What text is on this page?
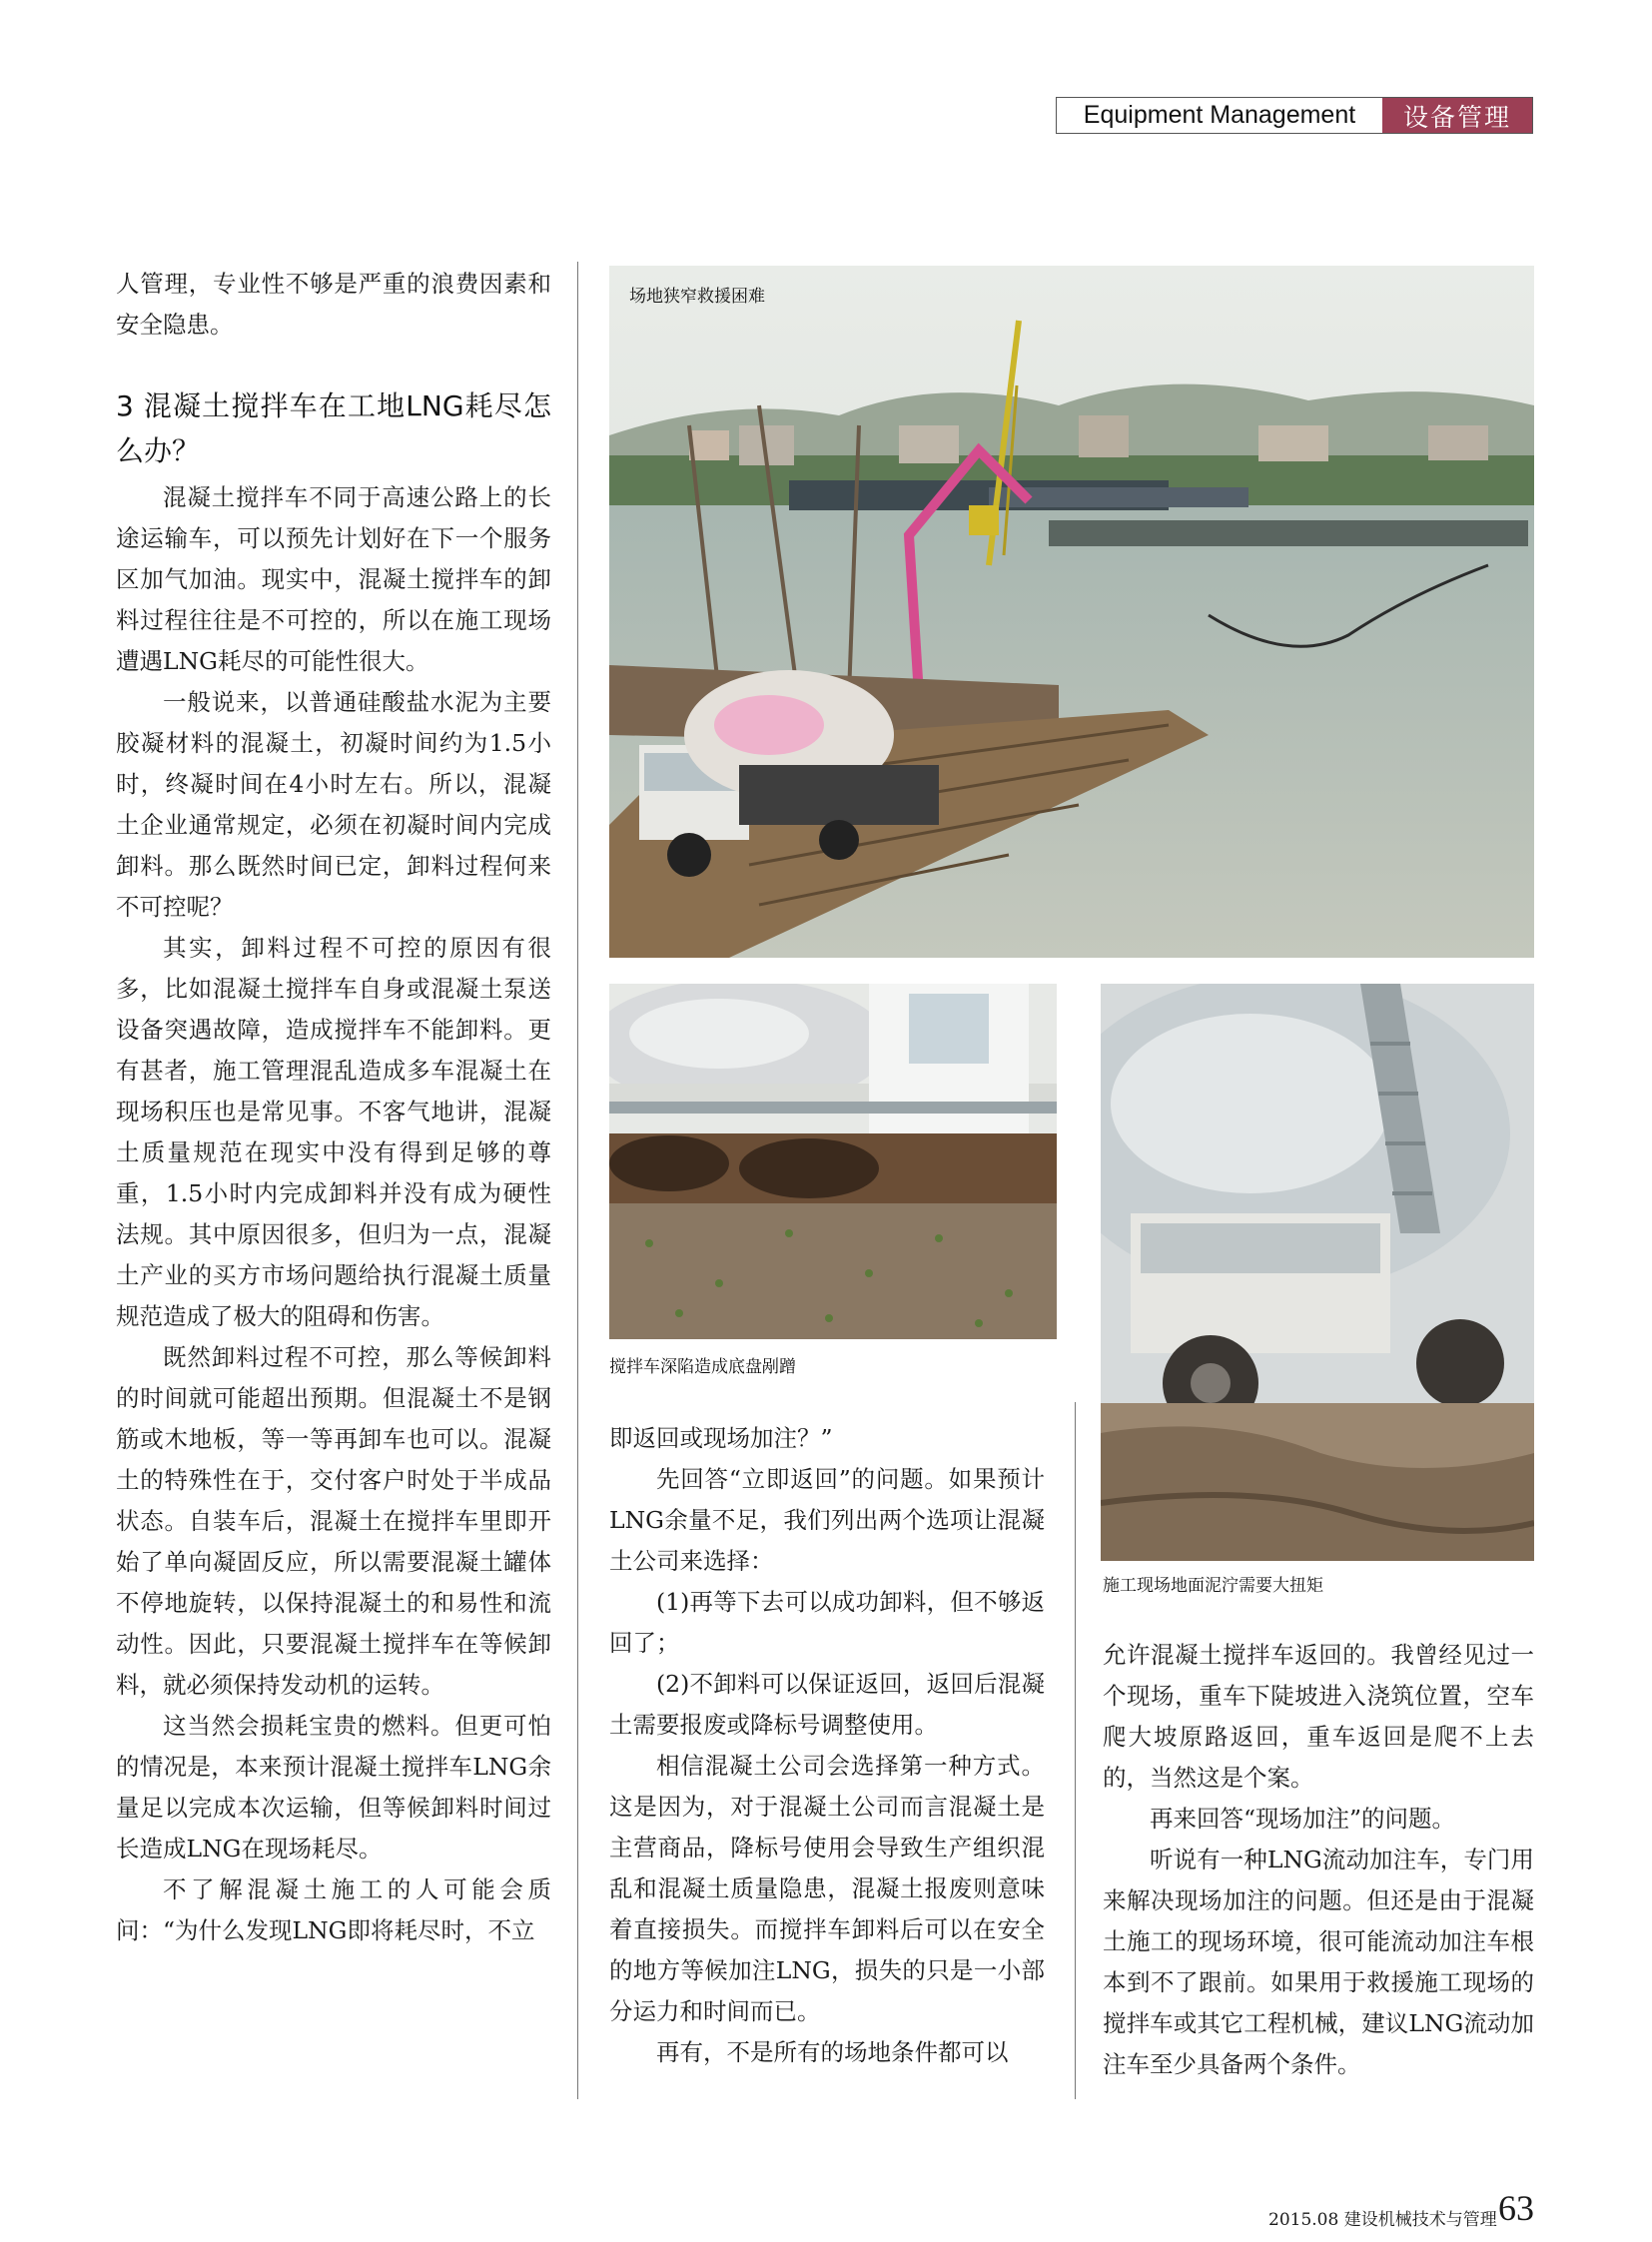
Equipment Management	设备管理

人管理，专业性不够是严重的浪费因素和安全隐患。

3 混凝土搅拌车在工地LNG耗尽怎么办？

混凝土搅拌车不同于高速公路上的长途运输车，可以预先计划好在下一个服务区加气加油。现实中，混凝土搅拌车的卸料过程往往是不可控的，所以在施工现场遭遇LNG耗尽的可能性很大。

一般说来，以普通硅酸盐水泥为主要胶凝材料的混凝土，初凝时间约为1.5小时，终凝时间在4小时左右。所以，混凝土企业通常规定，必须在初凝时间内完成卸料。那么既然时间已定，卸料过程何来不可控呢？

其实，卸料过程不可控的原因有很多，比如混凝土搅拌车自身或混凝土泵送设备突遇故障，造成搅拌车不能卸料。更有甚者，施工管理混乱造成多车混凝土在现场积压也是常见事。不客气地讲，混凝土质量规范在现实中没有得到足够的尊重，1.5小时内完成卸料并没有成为硬性法规。其中原因很多，但归为一点，混凝土产业的买方市场问题给执行混凝土质量规范造成了极大的阻碍和伤害。

既然卸料过程不可控，那么等候卸料的时间就可能超出预期。但混凝土不是钢筋或木地板，等一等再卸车也可以。混凝土的特殊性在于，交付客户时处于半成品状态。自装车后，混凝土在搅拌车里即开始了单向凝固反应，所以需要混凝土罐体不停地旋转，以保持混凝土的和易性和流动性。因此，只要混凝土搅拌车在等候卸料，就必须保持发动机的运转。

这当然会损耗宝贵的燃料。但更可怕的情况是，本来预计混凝土搅拌车LNG余量足以完成本次运输，但等候卸料时间过长造成LNG在现场耗尽。

不了解混凝土施工的人可能会质问：“为什么发现LNG即将耗尽时，不立

场地狭窄救援困难
搅拌车深陷造成底盘剐蹭
施工现场地面泥泞需要大扭矩

即返回或现场加注？”

先回答“立即返回”的问题。如果预计LNG余量不足，我们列出两个选项让混凝土公司来选择：

(1)再等下去可以成功卸料，但不够返回了；

(2)不卸料可以保证返回，返回后混凝土需要报废或降标号调整使用。

相信混凝土公司会选择第一种方式。这是因为，对于混凝土公司而言混凝土是主营商品，降标号使用会导致生产组织混乱和混凝土质量隐患，混凝土报废则意味着直接损失。而搅拌车卸料后可以在安全的地方等候加注LNG，损失的只是一小部分运力和时间而已。

再有，不是所有的场地条件都可以

允许混凝土搅拌车返回的。我曾经见过一个现场，重车下陡坡进入浇筑位置，空车爬大坡原路返回，重车返回是爬不上去的，当然这是个案。

再来回答“现场加注”的问题。

听说有一种LNG流动加注车，专门用来解决现场加注的问题。但还是由于混凝土施工的现场环境，很可能流动加注车根本到不了跟前。如果用于救援施工现场的搅拌车或其它工程机械，建议LNG流动加注车至少具备两个条件。

2015.08 建设机械技术与管理 63
